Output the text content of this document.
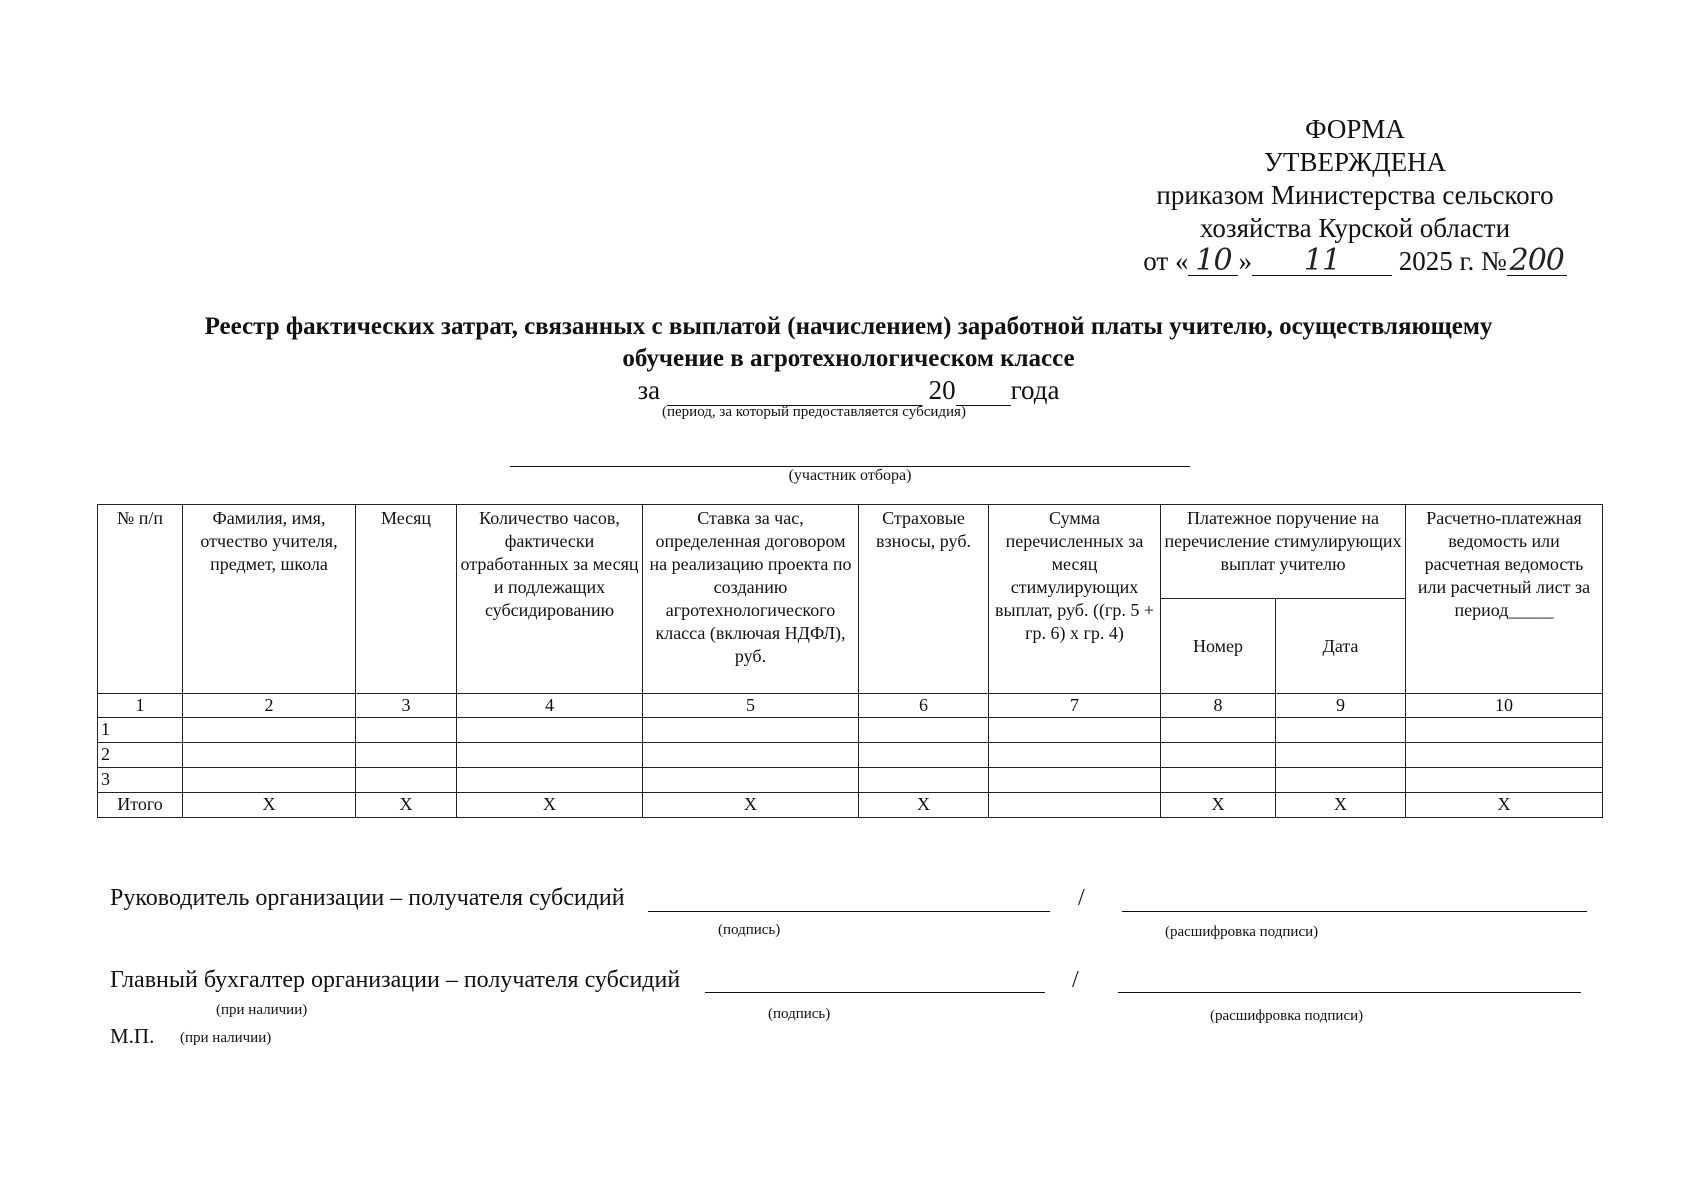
ФОРМА
УТВЕРЖДЕНА
приказом Министерства сельского
хозяйства Курской области
от « 10 » 11 2025 г. №200
Реестр фактических затрат, связанных с выплатой (начислением) заработной платы учителю, осуществляющему
обучение в агротехнологическом классе
за	20 года
(период, за который предоставляется субсидия)
(участник отбора)
№ п/п	Фамилия, имя, отчество учителя, предмет, школа	Месяц	Количество часов, фактически отработанных за месяц и подлежащих субсидированию	Ставка за час, определенная договором на реализацию проекта по созданию агротехнологического класса (включая НДФЛ), руб.	Страховые взносы, руб.	Сумма перечисленных за месяц стимулирующих выплат, руб. ((гр. 5 + гр. 6) х гр. 4)	Платежное поручение на перечисление стимулирующих выплат учителю		Расчетно-платежная ведомость или расчетная ведомость или расчетный лист за период_____
							Номер	Дата	
1	2	3	4	5	6	7	8	9	10
1									
2									
3									
Итого	Х	Х	Х	Х	Х		Х	Х	Х
Руководитель организации – получателя субсидий	/
(подпись)	(расшифровка подписи)
Главный бухгалтер организации – получателя субсидий	/
(при наличии)	(подпись)	(расшифровка подписи)
М.П. (при наличии)
